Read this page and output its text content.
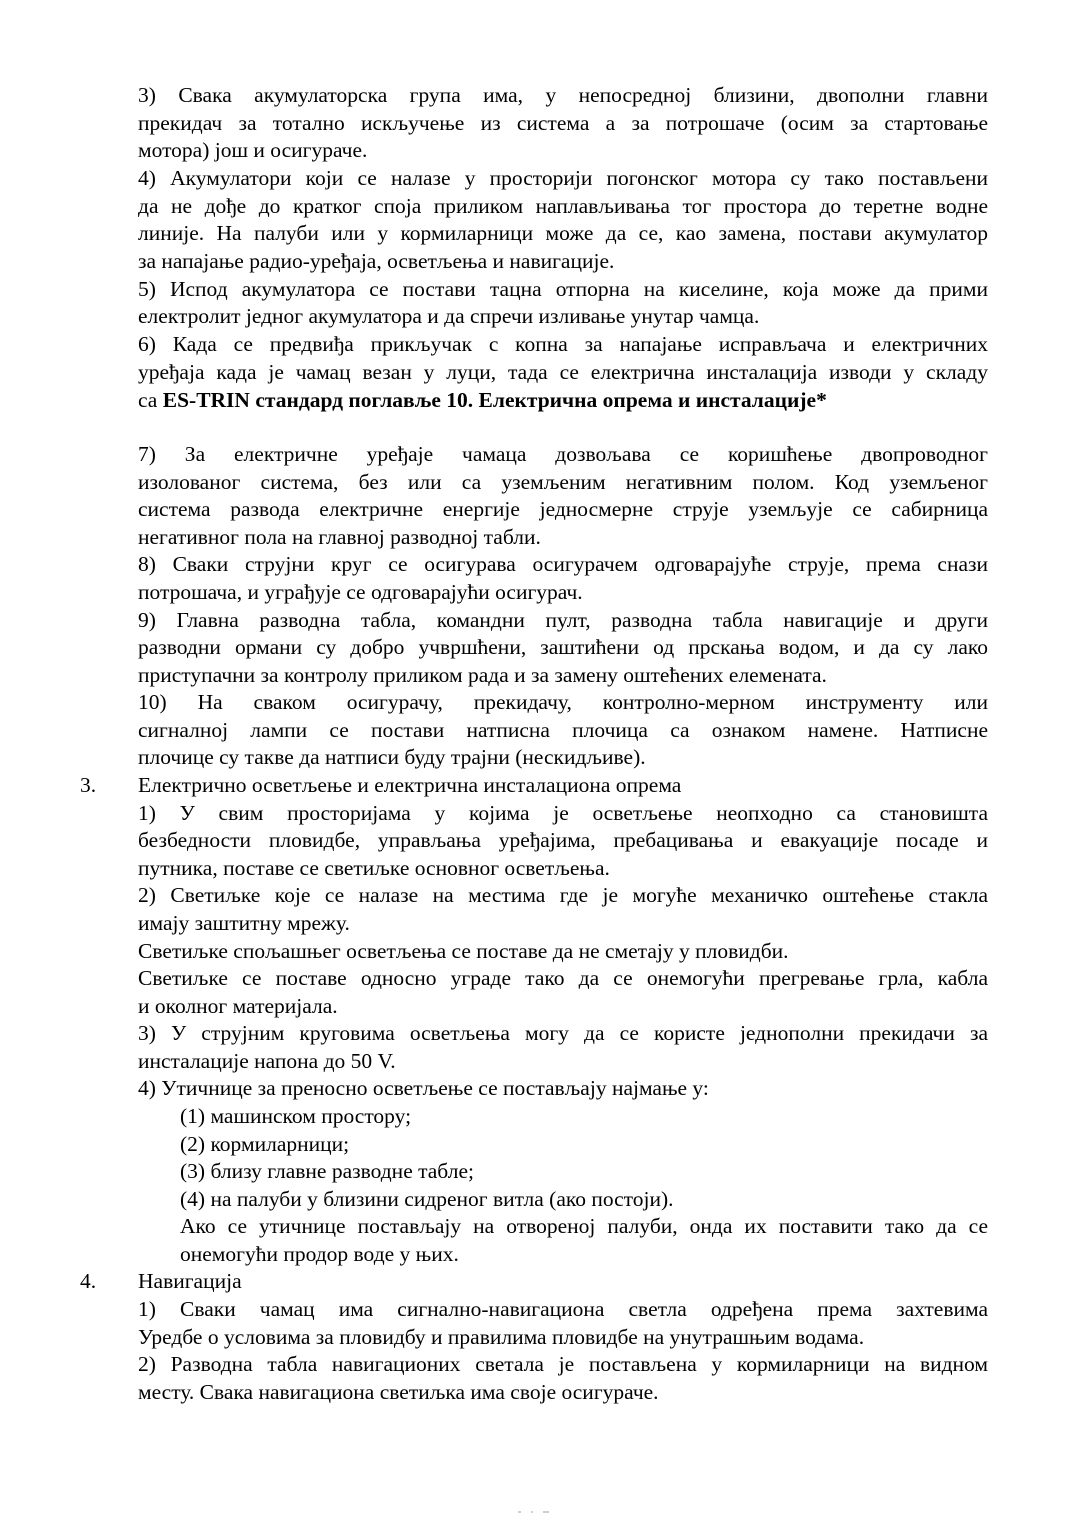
3) Свака акумулаторска група има, у непосредној близини, двополни главни
прекидач за тотално искључење из система а за потрошаче (осим за стартовање
мотора) још и осигураче.
4) Акумулатори који се налазе у просторији погонског мотора су тако постављени
да не дође до кратког споја приликом наплављивања тог простора до теретне водне
линије. На палуби или у кормиларници може да се, као замена, постави акумулатор
за напајање радио-уређаја, осветљења и навигације.
5) Испод акумулатора се постави тацна отпорна на киселине, која може да прими
електролит једног акумулатора и да спречи изливање унутар чамца.
6) Када се предвиђа прикључак с копна за напајање исправљача и електричних
уређаја када је чамац везан у луци, тада се електрична инсталација изводи у складу
са ES-TRIN стандард поглавље 10. Електрична опрема и инсталације*
7) За електричне уређаје чамаца дозвољава се коришћење двопроводног
изолованог система, без или са уземљеним негативним полом. Код уземљеног
система развода електричне енергије једносмерне струје уземљује се сабирница
негативног пола на главној разводној табли.
8) Сваки струјни круг се осигурава осигурачем одговарајуће струје, према снази
потрошача, и уграђује се одговарајући осигурач.
9) Главна разводна табла, командни пулт, разводна табла навигације и други
разводни ормани су добро учвршћени, заштићени од прскања водом, и да су лако
приступачни за контролу приликом рада и за замену оштећених елемената.
10) На сваком осигурачу, прекидачу, контролно-мерном инструменту или
сигналној лампи се постави натписна плочица са ознаком намене. Натписне
плочице су такве да натписи буду трајни (нескидљиве).
3. Електрично осветљење и електрична инсталациона опрема
1) У свим просторијама у којима је осветљење неопходно са становишта
безбедности пловидбе, управљања уређајима, пребацивања и евакуације посаде и
путника, поставе се светиљке основног осветљења.
2) Светиљке које се налазе на местима где је могуће механичко оштећење стакла
имају заштитну мрежу.
Светиљке спољашњег осветљења се поставе да не сметају у пловидби.
Светиљке се поставе односно уграде тако да се онемогући прегревање грла, кабла
и околног материјала.
3) У струјним круговима осветљења могу да се користе једнополни прекидачи за
инсталације напона до 50 V.
4) Утичнице за преносно осветљење се постављају најмање у:
(1) машинском простору;
(2) кормиларници;
(3) близу главне разводне табле;
(4) на палуби у близини сидреног витла (ако постоји).
Ако се утичнице постављају на отвореној палуби, онда их поставити тако да се
онемогући продор воде у њих.
4. Навигација
1) Сваки чамац има сигнално-навигациона светла одређена према захтевима
Уредбе о условима за пловидбу и правилима пловидбе на унутрашњим водама.
2) Разводна табла навигационих светала је постављена у кормиларници на видном
месту. Свака навигациона светиљка има своје осигураче.
